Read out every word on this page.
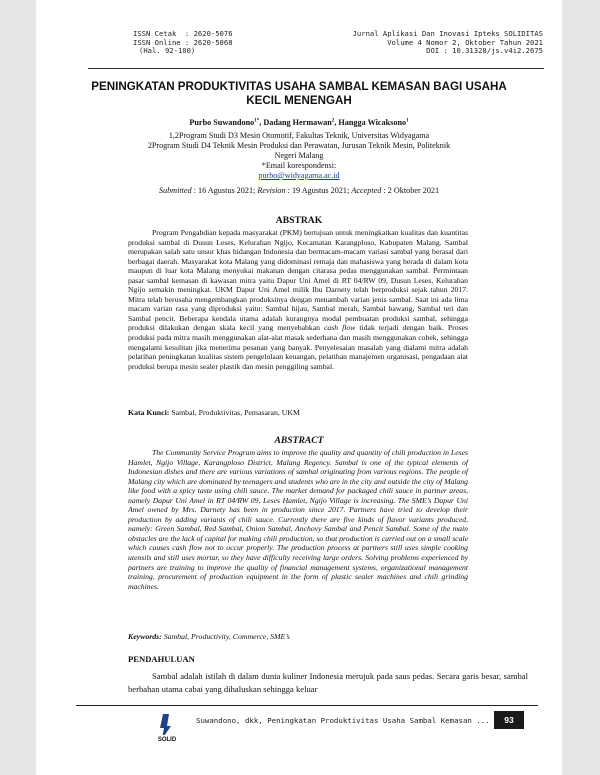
ISSN Cetak  : 2620-5076
ISSN Online : 2620-5068
(Hal. 92-100)
Jurnal Aplikasi Dan Inovasi Ipteks SOLIDITAS
Volume 4 Nomor 2, Oktober Tahun 2021
DOI : 10.31328/js.v4i2.2675
PENINGKATAN PRODUKTIVITAS USAHA SAMBAL KEMASAN BAGI USAHA KECIL MENENGAH
Purbo Suwandono$^{1*}$, Dadang Hermawan$^2$, Hangga Wicaksono$^1$
1,2Program Studi D3 Mesin Otomotif, Fakultas Teknik, Universitas Widyagama
2Program Studi D4 Teknik Mesin Produksi dan Perawatan, Jurusan Teknik Mesin, Politeknik
Negeri Malang
*Email korespondensi:
purbo@widyagama.ac.id
Submitted : 16 Agustus 2021; Revision : 19 Agustus 2021; Accepted : 2 Oktober 2021
ABSTRAK
Program Pengabdian kepada masyarakat (PKM) bertujuan untuk meningkatkan kualitas dan kuantitas produksi sambal di Dusun Leses, Kelurahan Ngijo, Kecamatan Karangploso, Kabupaten Malang. Sambal merupakan salah satu unsur khas hidangan Indonesia dan bermacam-macam variasi sambal yang berasal dari berbagai daerah. Masyarakat kota Malang yang didominasi remaja dan mahasiswa yang berada di dalam kota maupun di luar kota Malang menyukai makanan dengan citarasa pedas menggunakan sambal. Permintaan pasar sambal kemasan di kawasan mitra yaitu Dapur Uni Amel di RT 04/RW 09, Dusun Leses, Kelurahan Ngijo semakin meningkat. UKM Dapur Uni Amel milik Ibu Darnety telah berproduksi sejak tahun 2017. Mitra telah berusaha mengembangkan produksinya dengan menambah varian jenis sambal. Saat ini ada lima macam varian rasa yang diproduksi yaitu: Sambal hijau, Sambal merah, Sambal bawang, Sambal teri dan Sambal pencit. Beberapa kendala utama adalah kurangnya modal pembuatan produksi sambal, sehingga produksi dilakukan dengan skala kecil yang menyebabkan cash flow tidak terjadi dengan baik. Proses produksi pada mitra masih menggunakan alat-alat masak sederhana dan masih menggunakan cobek, sehingga mengalami kesulitan jika menerima pesanan yang banyak. Penyelesaian masalah yang dialami mitra adalah pelatihan peningkatan kualitas sistem pengelolaan keuangan, pelatihan manajemen organisasi, pengadaan alat produksi berupa mesin sealer plastik dan mesin penggiling sambal.
Kata Kunci: Sambal, Produktivitas, Pemasaran, UKM
ABSTRACT
The Community Service Program aims to improve the quality and quantity of chili production in Leses Hamlet, Ngijo Village, Karangploso District, Malang Regency. Sambal is one of the typical elements of Indonesian dishes and there are various variations of sambal originating from various regions. The people of Malang city which are dominated by teenagers and students who are in the city and outside the city of Malang like food with a spicy taste using chili sauce. The market demand for packaged chili sauce in partner areas, namely Dapur Uni Amel in RT 04/RW 09, Leses Hamlet, Ngijo Village is increasing. The SME’s Dapur Uni Amel owned by Mrs. Darnety has been in production since 2017. Partners have tried to develop their production by adding variants of chili sauce. Currently there are five kinds of flavor variants produced, namely: Green Sambal, Red Sambal, Onion Sambal, Anchovy Sambal and Pencit Sambal. Some of the main obstacles are the lack of capital for making chili production, so that production is carried out on a small scale which causes cash flow not to occur properly. The production process at partners still uses simple cooking utensils and still uses mortar, so they have difficulty receiving large orders. Solving problems experienced by partners are training to improve the quality of financial management systems, organizational management training, procurement of production equipment in the form of plastic sealer machines and chili grinding machines.
Keywords: Sambal, Productivity, Commerce, SME’s
PENDAHULUAN
Sambal adalah istilah di dalam dunia kuliner Indonesia merujuk pada saus pedas. Secara garis besar, sambal berbahan utama cabai yang dihaluskan sehingga keluar
SOLID
Suwandono, dkk, Peningkatan Produktivitas Usaha Sambal Kemasan ...	93
